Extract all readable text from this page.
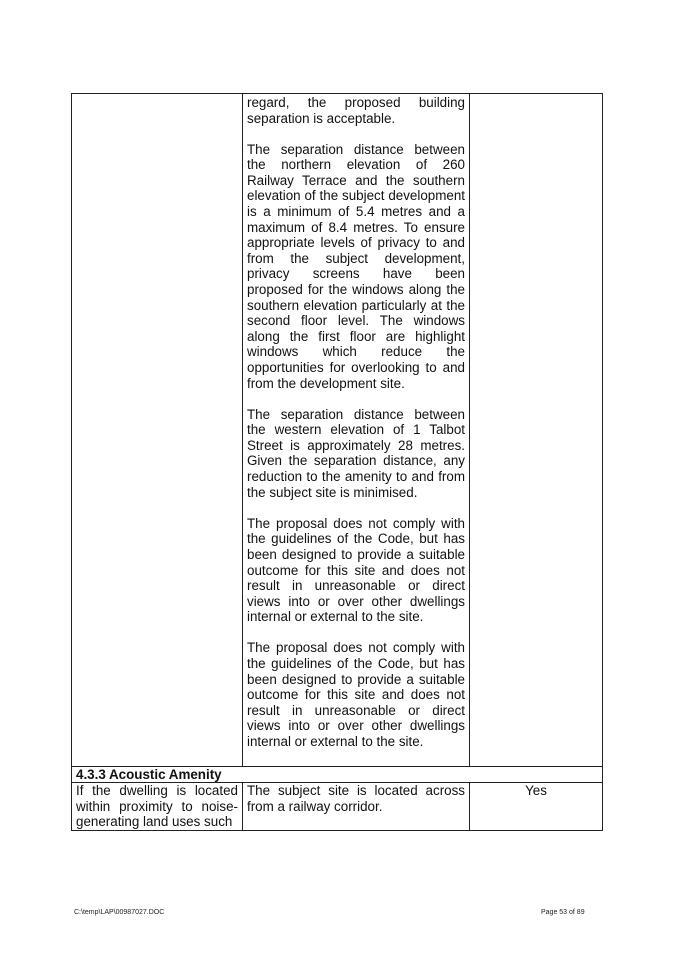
	regard, the proposed building separation is acceptable.

The separation distance between the northern elevation of 260 Railway Terrace and the southern elevation of the subject development is a minimum of 5.4 metres and a maximum of 8.4 metres. To ensure appropriate levels of privacy to and from the subject development, privacy screens have been proposed for the windows along the southern elevation particularly at the second floor level. The windows along the first floor are highlight windows which reduce the opportunities for overlooking to and from the development site.

The separation distance between the western elevation of 1 Talbot Street is approximately 28 metres. Given the separation distance, any reduction to the amenity to and from the subject site is minimised.

The proposal does not comply with the guidelines of the Code, but has been designed to provide a suitable outcome for this site and does not result in unreasonable or direct views into or over other dwellings internal or external to the site.

The proposal does not comply with the guidelines of the Code, but has been designed to provide a suitable outcome for this site and does not result in unreasonable or direct views into or over other dwellings internal or external to the site.	

4.3.3 Acoustic Amenity		
If the dwelling is located within proximity to noise-generating land uses such	The subject site is located across from a railway corridor.	Yes
C:\temp\LAP\00987027.DOC	Page 53 of 89
